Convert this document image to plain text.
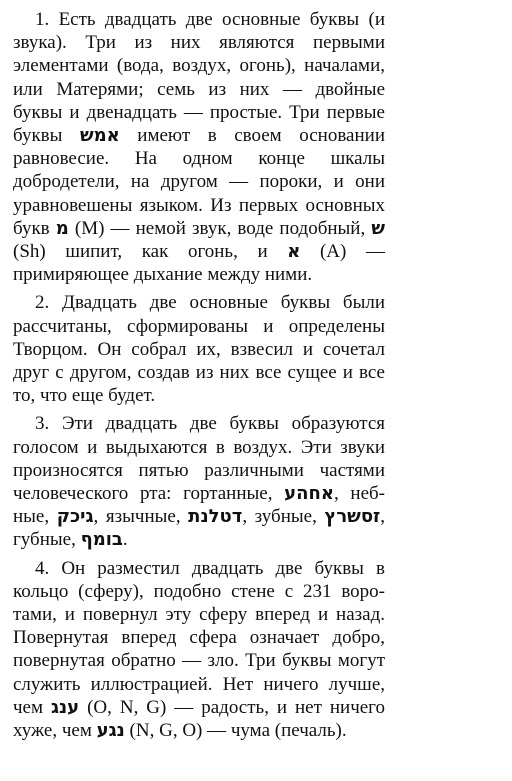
1. Есть двадцать две основные буквы (и звука). Три из них являются первыми элементами (вода, воздух, огонь), началами, или Матерями; семь из них — двойные буквы и двенадцать — простые. Три первые буквы אמש имеют в своем основании равновесие. На одном конце шкалы добродетели, на другом — пороки, и они уравновешены языком. Из первых основных букв מ (М) — немой звук, воде подобный, ש (Sh) шипит, как огонь, и א (А) — примиряющее дыхание между ними.

2. Двадцать две основные буквы были рассчитаны, сформированы и определены Творцом. Он собрал их, взвесил и сочетал друг с другом, создав из них все сущее и все то, что еще будет.

3. Эти двадцать две буквы образуются голосом и выдыхаются в воздух. Эти звуки произносятся пятью различными частями человеческого рта: гортанные, אחהע, небные, גיכק, язычные, דטלנת, зубные, זסשרץ, губные, בומף.

4. Он разместил двадцать две буквы в кольцо (сферу), подобно стене с 231 воротами, и повернул эту сферу вперед и назад. Повернутая вперед сфера означает добро, повернутая обратно — зло. Три буквы могут служить иллюстрацией. Нет ничего лучше, чем ענג (O, N, G) — радость, и нет ничего хуже, чем נגע (N, G, O) — чума (печаль).
